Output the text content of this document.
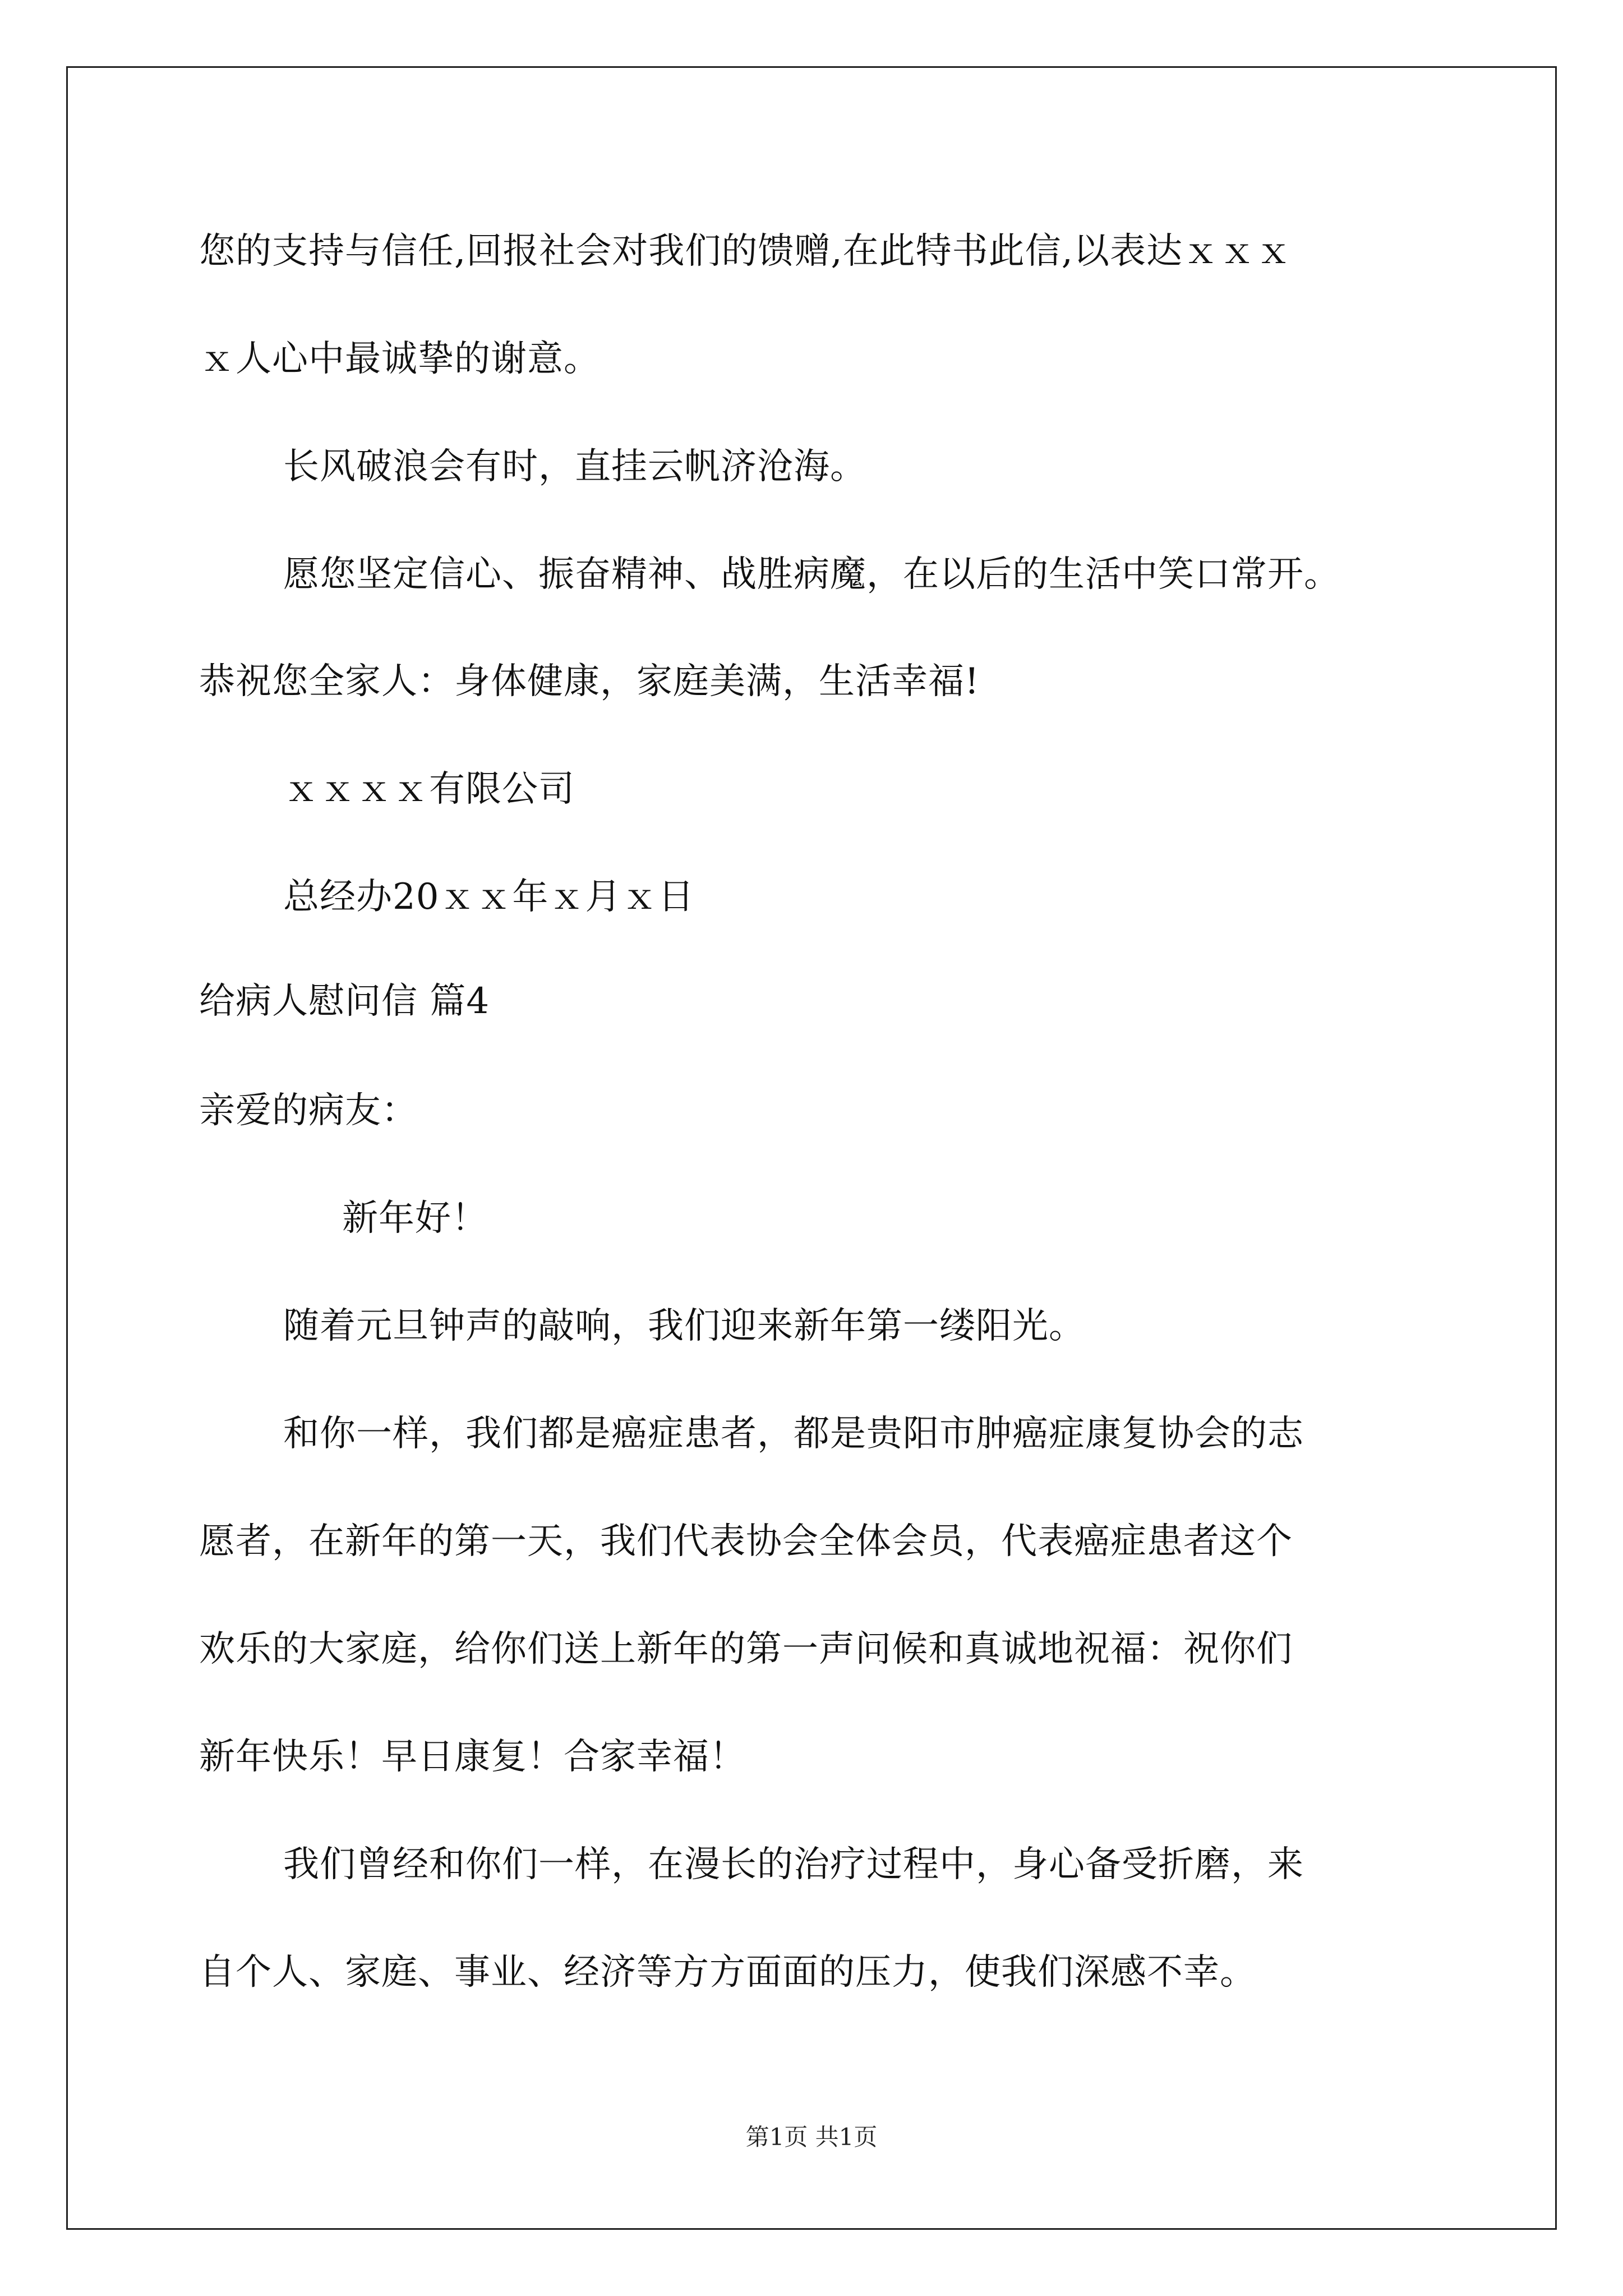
您的支持与信任,回报社会对我们的馈赠,在此特书此信,以表达ｘｘｘ
ｘ人心中最诚挚的谢意。
长风破浪会有时，直挂云帆济沧海。
愿您坚定信心、振奋精神、战胜病魔，在以后的生活中笑口常开。
恭祝您全家人：身体健康，家庭美满，生活幸福!
ｘｘｘｘ有限公司
总经办20ｘｘ年ｘ月ｘ日
给病人慰问信 篇4
亲爱的病友：
新年好！
随着元旦钟声的敲响，我们迎来新年第一缕阳光。
和你一样，我们都是癌症患者，都是贵阳市肿癌症康复协会的志
愿者，在新年的第一天，我们代表协会全体会员，代表癌症患者这个
欢乐的大家庭，给你们送上新年的第一声问候和真诚地祝福：祝你们
新年快乐！早日康复！合家幸福！
我们曾经和你们一样，在漫长的治疗过程中，身心备受折磨，来
自个人、家庭、事业、经济等方方面面的压力，使我们深感不幸。
第1页 共1页
